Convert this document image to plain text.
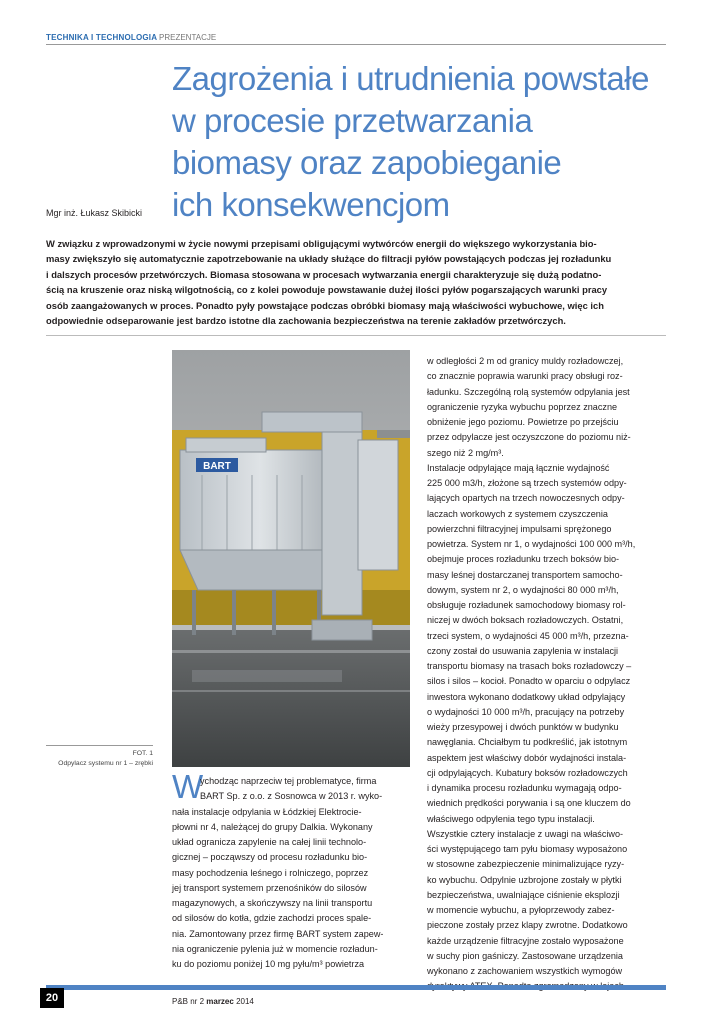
TECHNIKA I TECHNOLOGIA PREZENTACJE
Zagrożenia i utrudnienia powstałe
w procesie przetwarzania
biomasy oraz zapobieganie
ich konsekwencjom
Mgr inż. Łukasz Skibicki

W związku z wprowadzonymi w życie nowymi przepisami obligującymi wytwórców energii do większego wykorzystania bio-
masy zwiększyło się automatycznie zapotrzebowanie na układy służące do filtracji pyłów powstających podczas jej rozładunku
i dalszych procesów przetwórczych. Biomasa stosowana w procesach wytwarzania energii charakteryzuje się dużą podatno-
ścią na kruszenie oraz niską wilgotnością, co z kolei powoduje powstawanie dużej ilości pyłów pogarszających warunki pracy
osób zaangażowanych w proces. Ponadto pyły powstające podczas obróbki biomasy mają właściwości wybuchowe, więc ich
odpowiednie odseparowanie jest bardzo istotne dla zachowania bezpieczeństwa na terenie zakładów przetwórczych.

BART
FOT. 1
Odpylacz systemu nr 1 – zrębki
W
ychodząc naprzeciw tej problematyce, firma
BART Sp. z o.o. z Sosnowca w 2013 r. wyko-
nała instalacje odpylania w Łódzkiej Elektrocie-
płowni nr 4, należącej do grupy Dalkia. Wykonany
układ ogranicza zapylenie na całej linii technolo-
gicznej – począwszy od procesu rozładunku bio-
masy pochodzenia leśnego i rolniczego, poprzez
jej transport systemem przenośników do silosów
magazynowych, a skończywszy na linii transportu
od silosów do kotła, gdzie zachodzi proces spale-
nia. Zamontowany przez firmę BART system zapew-
nia ograniczenie pylenia już w momencie rozładun-
ku do poziomu poniżej 10 mg pyłu/m³ powietrza
w odległości 2 m od granicy muldy rozładowczej,
co znacznie poprawia warunki pracy obsługi roz-
ładunku. Szczególną rolą systemów odpylania jest
ograniczenie ryzyka wybuchu poprzez znaczne
obniżenie jego poziomu. Powietrze po przejściu
przez odpylacze jest oczyszczone do poziomu niż-
szego niż 2 mg/m³.
Instalacje odpylające mają łącznie wydajność
225 000 m3/h, złożone są trzech systemów odpy-
lających opartych na trzech nowoczesnych odpy-
laczach workowych z systemem czyszczenia
powierzchni filtracyjnej impulsami sprężonego
powietrza. System nr 1, o wydajności 100 000 m³/h,
obejmuje proces rozładunku trzech boksów bio-
masy leśnej dostarczanej transportem samocho-
dowym, system nr 2, o wydajności 80 000 m³/h,
obsługuje rozładunek samochodowy biomasy rol-
niczej w dwóch boksach rozładowczych. Ostatni,
trzeci system, o wydajności 45 000 m³/h, przezna-
czony został do usuwania zapylenia w instalacji
transportu biomasy na trasach boks rozładowczy –
silos i silos – kocioł. Ponadto w oparciu o odpylacz
inwestora wykonano dodatkowy układ odpylający
o wydajności 10 000 m³/h, pracujący na potrzeby
wieży przesypowej i dwóch punktów w budynku
nawęglania. Chciałbym tu podkreślić, jak istotnym
aspektem jest właściwy dobór wydajności instala-
cji odpylających. Kubatury boksów rozładowczych
i dynamika procesu rozładunku wymagają odpo-
wiednich prędkości porywania i są one kluczem do
właściwego odpylenia tego typu instalacji.
Wszystkie cztery instalacje z uwagi na właściwo-
ści występującego tam pyłu biomasy wyposażono
w stosowne zabezpieczenie minimalizujące ryzy-
ko wybuchu. Odpylnie uzbrojone zostały w płytki
bezpieczeństwa, uwalniające ciśnienie eksplozji
w momencie wybuchu, a pyłoprzewody zabez-
pieczone zostały przez klapy zwrotne. Dodatkowo
każde urządzenie filtracyjne zostało wyposażone
w suchy pion gaśniczy. Zastosowane urządzenia
wykonano z zachowaniem wszystkich wymogów
20	P&B nr 2 marzec 2014
